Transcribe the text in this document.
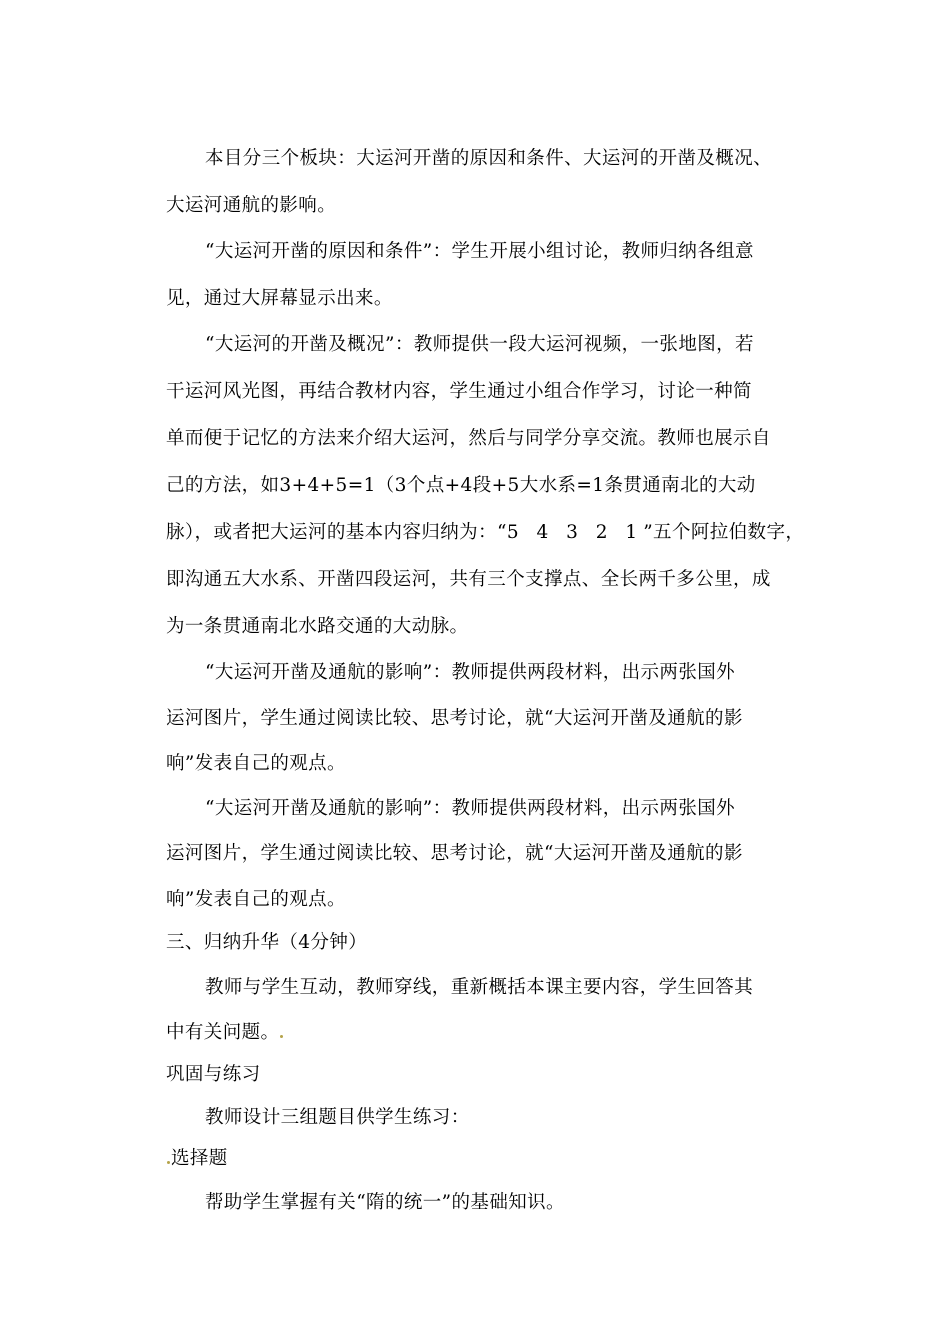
本目分三个板块：大运河开凿的原因和条件、大运河的开凿及概况、
大运河通航的影响。
“大运河开凿的原因和条件”：学生开展小组讨论，教师归纳各组意
见，通过大屏幕显示出来。
“大运河的开凿及概况”：教师提供一段大运河视频，一张地图，若
干运河风光图，再结合教材内容，学生通过小组合作学习，讨论一种简
单而便于记忆的方法来介绍大运河，然后与同学分享交流。教师也展示自
己的方法，如3+4+5=1（3个点+4段+5大水系=1条贯通南北的大动
脉），或者把大运河的基本内容归纳为：“5 4 3 2 1”五个阿拉伯数字，
即沟通五大水系、开凿四段运河，共有三个支撑点、全长两千多公里，成
为一条贯通南北水路交通的大动脉。
“大运河开凿及通航的影响”：教师提供两段材料，出示两张国外
运河图片，学生通过阅读比较、思考讨论，就“大运河开凿及通航的影
响”发表自己的观点。
“大运河开凿及通航的影响”：教师提供两段材料，出示两张国外
运河图片，学生通过阅读比较、思考讨论，就“大运河开凿及通航的影
响”发表自己的观点。
三、归纳升华（4分钟）
教师与学生互动，教师穿线，重新概括本课主要内容，学生回答其
中有关问题。
巩固与练习
教师设计三组题目供学生练习：
选择题
帮助学生掌握有关“隋的统一”的基础知识。
